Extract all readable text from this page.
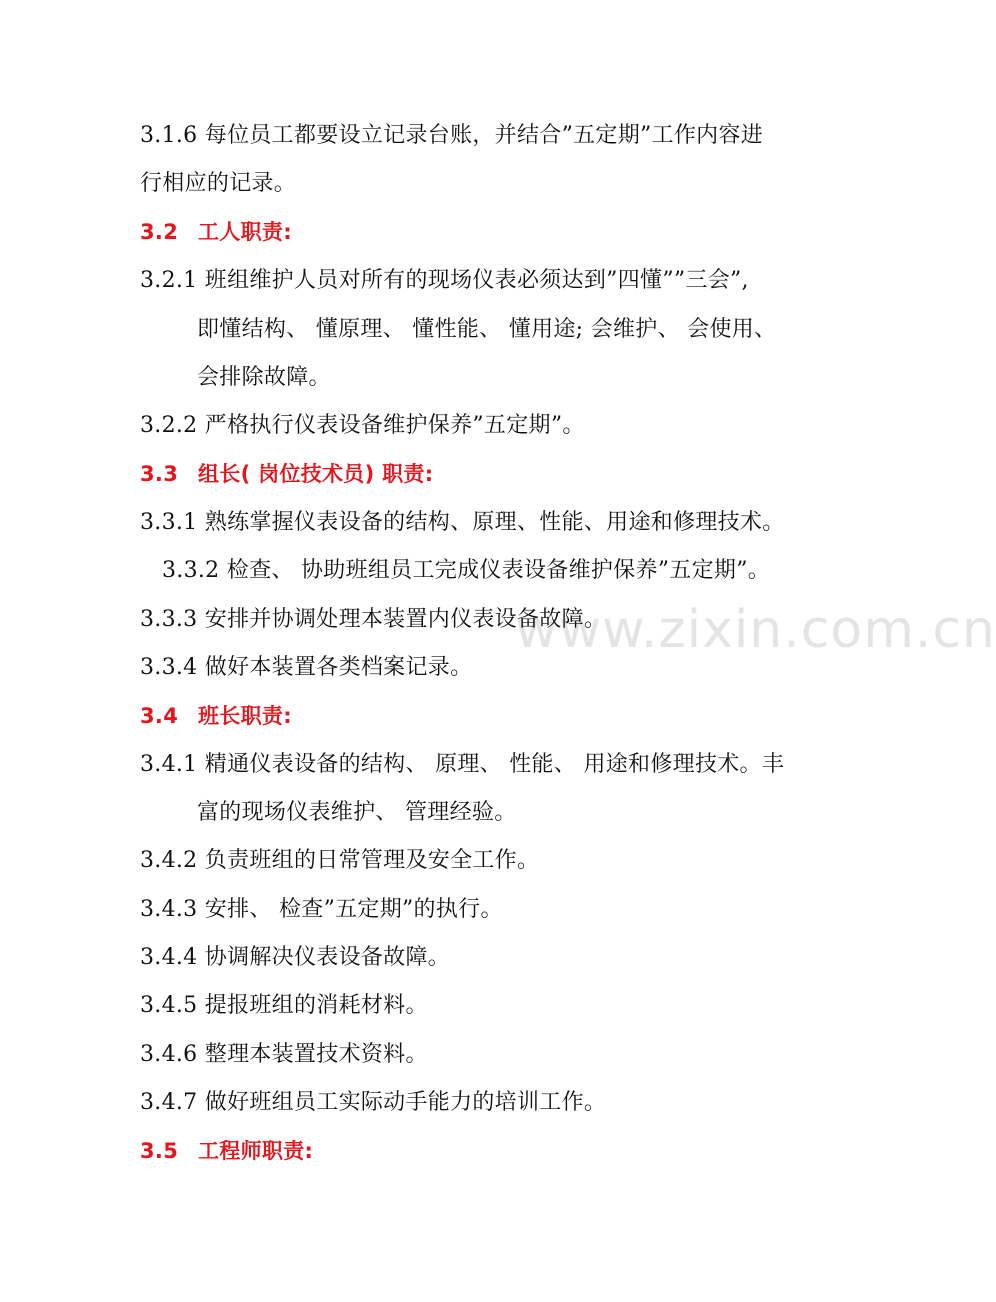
www.zixin.com.cn
3.1.6 每位员工都要设立记录台账，并结合”五定期”工作内容进
行相应的记录。
3.2 工人职责:
3.2.1 班组维护人员对所有的现场仪表必须达到”四懂””三会”,
即懂结构、 懂原理、 懂性能、 懂用途; 会维护、 会使用、
会排除故障。
3.2.2 严格执行仪表设备维护保养”五定期”。
3.3 组长( 岗位技术员) 职责:
3.3.1 熟练掌握仪表设备的结构、原理、性能、用途和修理技术。
3.3.2 检查、 协助班组员工完成仪表设备维护保养”五定期”。
3.3.3 安排并协调处理本装置内仪表设备故障。
3.3.4 做好本装置各类档案记录。
3.4 班长职责:
3.4.1 精通仪表设备的结构、 原理、 性能、 用途和修理技术。丰
富的现场仪表维护、 管理经验。
3.4.2 负责班组的日常管理及安全工作。
3.4.3 安排、 检查”五定期”的执行。
3.4.4 协调解决仪表设备故障。
3.4.5 提报班组的消耗材料。
3.4.6 整理本装置技术资料。
3.4.7 做好班组员工实际动手能力的培训工作。
3.5 工程师职责:
